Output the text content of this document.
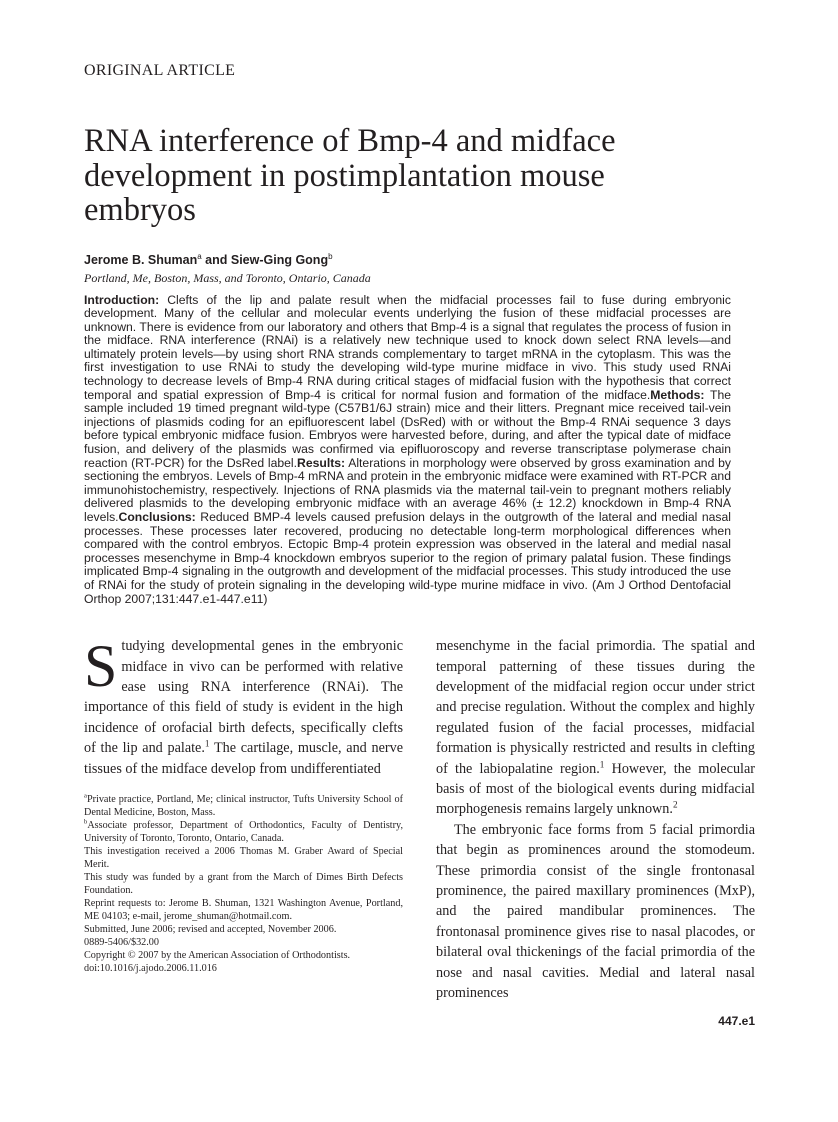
ORIGINAL ARTICLE
RNA interference of Bmp-4 and midface development in postimplantation mouse embryos
Jerome B. Shuman$^a$ and Siew-Ging Gong$^b$
Portland, Me, Boston, Mass, and Toronto, Ontario, Canada
Introduction: Clefts of the lip and palate result when the midfacial processes fail to fuse during embryonic development. Many of the cellular and molecular events underlying the fusion of these midfacial processes are unknown. There is evidence from our laboratory and others that Bmp-4 is a signal that regulates the process of fusion in the midface. RNA interference (RNAi) is a relatively new technique used to knock down select RNA levels—and ultimately protein levels—by using short RNA strands complementary to target mRNA in the cytoplasm. This was the first investigation to use RNAi to study the developing wild-type murine midface in vivo. This study used RNAi technology to decrease levels of Bmp-4 RNA during critical stages of midfacial fusion with the hypothesis that correct temporal and spatial expression of Bmp-4 is critical for normal fusion and formation of the midface.Methods: The sample included 19 timed pregnant wild-type (C57B1/6J strain) mice and their litters. Pregnant mice received tail-vein injections of plasmids coding for an epifluorescent label (DsRed) with or without the Bmp-4 RNAi sequence 3 days before typical embryonic midface fusion. Embryos were harvested before, during, and after the typical date of midface fusion, and delivery of the plasmids was confirmed via epifluoroscopy and reverse transcriptase polymerase chain reaction (RT-PCR) for the DsRed label.Results: Alterations in morphology were observed by gross examination and by sectioning the embryos. Levels of Bmp-4 mRNA and protein in the embryonic midface were examined with RT-PCR and immunohistochemistry, respectively. Injections of RNA plasmids via the maternal tail-vein to pregnant mothers reliably delivered plasmids to the developing embryonic midface with an average 46% (± 12.2) knockdown in Bmp-4 RNA levels.Conclusions: Reduced BMP-4 levels caused prefusion delays in the outgrowth of the lateral and medial nasal processes. These processes later recovered, producing no detectable long-term morphological differences when compared with the control embryos. Ectopic Bmp-4 protein expression was observed in the lateral and medial nasal processes mesenchyme in Bmp-4 knockdown embryos superior to the region of primary palatal fusion. These findings implicated Bmp-4 signaling in the outgrowth and development of the midfacial processes. This study introduced the use of RNAi for the study of protein signaling in the developing wild-type murine midface in vivo. (Am J Orthod Dentofacial Orthop 2007;131:447.e1-447.e11)

Studying developmental genes in the embryonic midface in vivo can be performed with relative ease using RNA interference (RNAi). The importance of this field of study is evident in the high incidence of orofacial birth defects, specifically clefts of the lip and palate.$^1$ The cartilage, muscle, and nerve tissues of the midface develop from undifferentiated

$^a$Private practice, Portland, Me; clinical instructor, Tufts University School of Dental Medicine, Boston, Mass.

$^b$Associate professor, Department of Orthodontics, Faculty of Dentistry, University of Toronto, Toronto, Ontario, Canada.

This investigation received a 2006 Thomas M. Graber Award of Special Merit.

This study was funded by a grant from the March of Dimes Birth Defects Foundation.

Reprint requests to: Jerome B. Shuman, 1321 Washington Avenue, Portland, ME 04103; e-mail, jerome_shuman@hotmail.com.

Submitted, June 2006; revised and accepted, November 2006.

0889-5406/$32.00

Copyright © 2007 by the American Association of Orthodontists.

doi:10.1016/j.ajodo.2006.11.016

mesenchyme in the facial primordia. The spatial and temporal patterning of these tissues during the development of the midfacial region occur under strict and precise regulation. Without the complex and highly regulated fusion of the facial processes, midfacial formation is physically restricted and results in clefting of the labiopalatine region.$^1$ However, the molecular basis of most of the biological events during midfacial morphogenesis remains largely unknown.$^2$

The embryonic face forms from 5 facial primordia that begin as prominences around the stomodeum. These primordia consist of the single frontonasal prominence, the paired maxillary prominences (MxP), and the paired mandibular prominences. The frontonasal prominence gives rise to nasal placodes, or bilateral oval thickenings of the facial primordia of the nose and nasal cavities. Medial and lateral nasal prominences

447.e1
